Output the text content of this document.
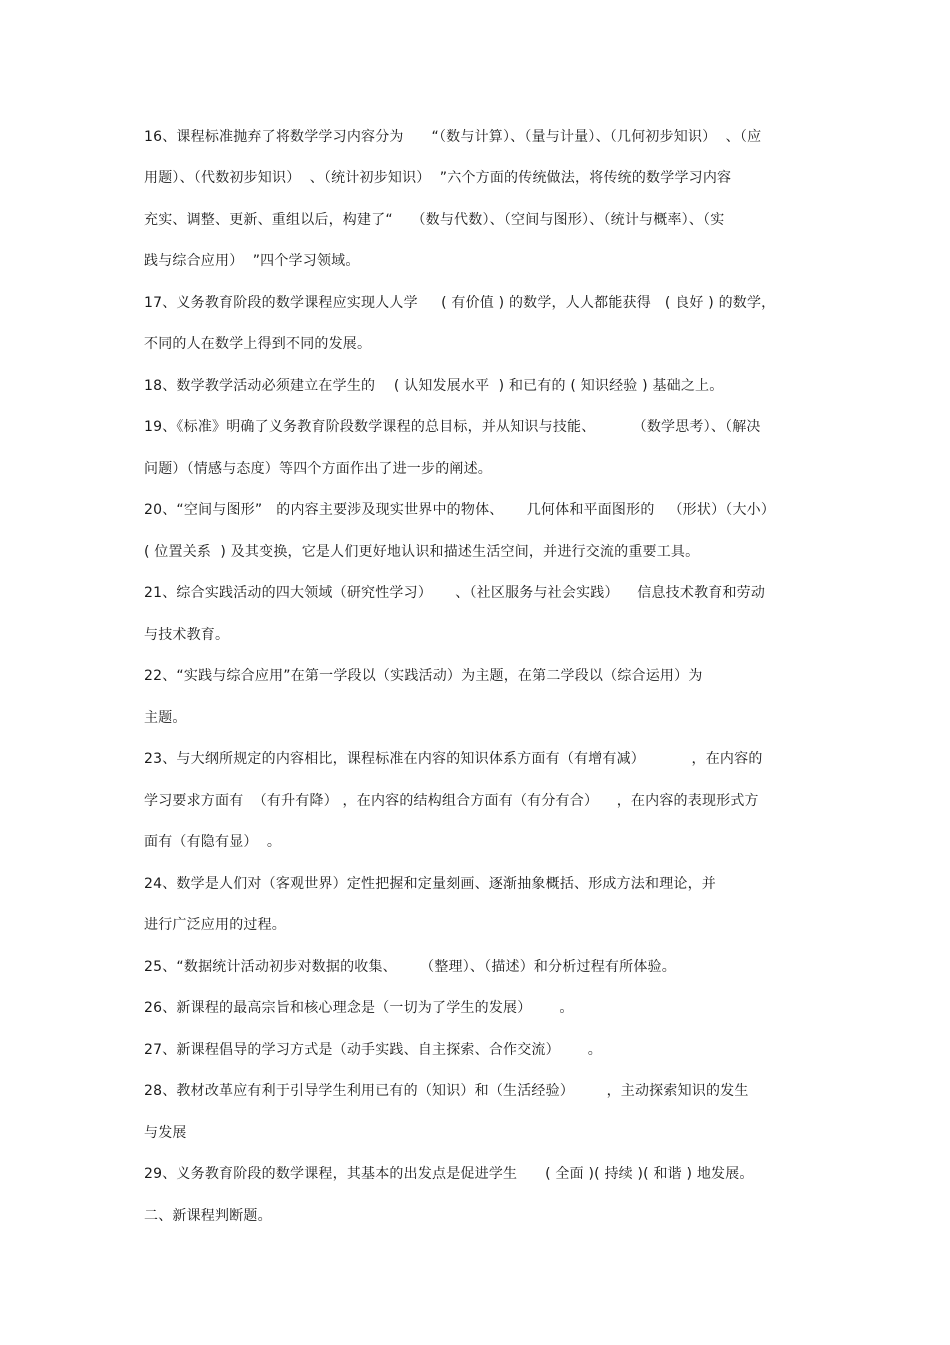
16、课程标准抛弃了将数学学习内容分为      “（数与计算）、（量与计量）、（几何初步知识）  、（应
用题）、（代数初步知识）  、（统计初步知识）  ”六个方面的传统做法，将传统的数学学习内容
充实、调整、更新、重组以后，构建了“    （数与代数）、（空间与图形）、（统计与概率）、（实
践与综合应用）  ”四个学习领域。
17、义务教育阶段的数学课程应实现人人学     ( 有价值 ) 的数学，人人都能获得   ( 良好 ) 的数学，
不同的人在数学上得到不同的发展。
18、数学教学活动必须建立在学生的    ( 认知发展水平  ) 和已有的 ( 知识经验 ) 基础之上。
19、《标准》明确了义务教育阶段数学课程的总目标，并从知识与技能、        （数学思考）、（解决
问题）（情感与态度）等四个方面作出了进一步的阐述。
20、“空间与图形”   的内容主要涉及现实世界中的物体、     几何体和平面图形的   （形状）（大小）
( 位置关系  ) 及其变换，它是人们更好地认识和描述生活空间，并进行交流的重要工具。
21、综合实践活动的四大领域（研究性学习）     、（社区服务与社会实践）    信息技术教育和劳动
与技术教育。
22、“实践与综合应用”在第一学段以（实践活动）为主题，在第二学段以（综合运用）为
主题。
23、与大纲所规定的内容相比，课程标准在内容的知识体系方面有（有增有减）          ，在内容的
学习要求方面有  （有升有降） ，在内容的结构组合方面有（有分有合）    ，在内容的表现形式方
面有（有隐有显）  。
24、数学是人们对（客观世界）定性把握和定量刻画、逐渐抽象概括、形成方法和理论，并
进行广泛应用的过程。
25、“数据统计活动初步对数据的收集、     （整理）、（描述）和分析过程有所体验。
26、新课程的最高宗旨和核心理念是（一切为了学生的发展）      。
27、新课程倡导的学习方式是（动手实践、自主探索、合作交流）      。
28、教材改革应有利于引导学生利用已有的（知识）和（生活经验）       ，主动探索知识的发生
与发展
29、义务教育阶段的数学课程，其基本的出发点是促进学生      ( 全面 )( 持续 )( 和谐 ) 地发展。
二、新课程判断题。
